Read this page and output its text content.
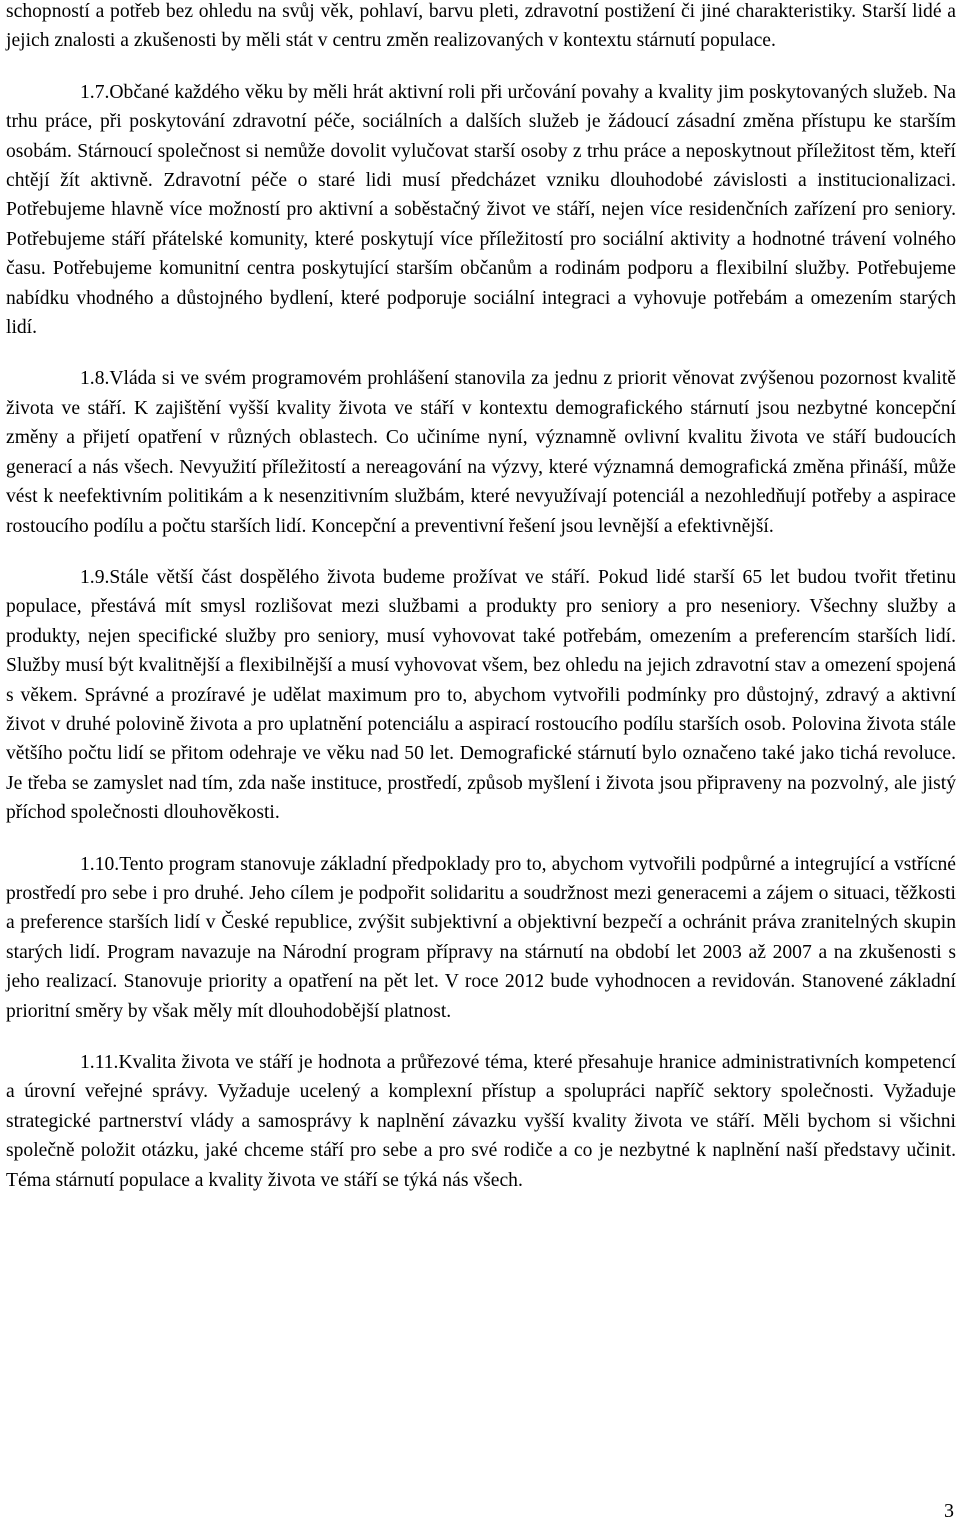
schopností a potřeb bez ohledu na svůj věk, pohlaví, barvu pleti, zdravotní postižení či jiné charakteristiky. Starší lidé a jejich znalosti a zkušenosti by měli stát v centru změn realizovaných v kontextu stárnutí populace.

1.7.Občané každého věku by měli hrát aktivní roli při určování povahy a kvality jim poskytovaných služeb. Na trhu práce, při poskytování zdravotní péče, sociálních a dalších služeb je žádoucí zásadní změna přístupu ke starším osobám. Stárnoucí společnost si nemůže dovolit vylučovat starší osoby z trhu práce a neposkytnout příležitost těm, kteří chtějí žít aktivně. Zdravotní péče o staré lidi musí předcházet vzniku dlouhodobé závislosti a institucionalizaci. Potřebujeme hlavně více možností pro aktivní a soběstačný život ve stáří, nejen více residenčních zařízení pro seniory. Potřebujeme stáří přátelské komunity, které poskytují více příležitostí pro sociální aktivity a hodnotné trávení volného času. Potřebujeme komunitní centra poskytující starším občanům a rodinám podporu a flexibilní služby. Potřebujeme nabídku vhodného a důstojného bydlení, které podporuje sociální integraci a vyhovuje potřebám a omezením starých lidí.

1.8.Vláda si ve svém programovém prohlášení stanovila za jednu z priorit věnovat zvýšenou pozornost kvalitě života ve stáří. K zajištění vyšší kvality života ve stáří v kontextu demografického stárnutí jsou nezbytné koncepční změny a přijetí opatření v různých oblastech. Co učiníme nyní, významně ovlivní kvalitu života ve stáří budoucích generací a nás všech. Nevyužití příležitostí a nereagování na výzvy, které významná demografická změna přináší, může vést k neefektivním politikám a k nesenzitivním službám, které nevyužívají potenciál a nezohledňují potřeby a aspirace rostoucího podílu a počtu starších lidí. Koncepční a preventivní řešení jsou levnější a efektivnější.

1.9.Stále větší část dospělého života budeme prožívat ve stáří. Pokud lidé starší 65 let budou tvořit třetinu populace, přestává mít smysl rozlišovat mezi službami a produkty pro seniory a pro neseniory. Všechny služby a produkty, nejen specifické služby pro seniory, musí vyhovovat také potřebám, omezením a preferencím starších lidí. Služby musí být kvalitnější a flexibilnější a musí vyhovovat všem, bez ohledu na jejich zdravotní stav a omezení spojená s věkem. Správné a prozíravé je udělat maximum pro to, abychom vytvořili podmínky pro důstojný, zdravý a aktivní život v druhé polovině života a pro uplatnění potenciálu a aspirací rostoucího podílu starších osob. Polovina života stále většího počtu lidí se přitom odehraje ve věku nad 50 let. Demografické stárnutí bylo označeno také jako tichá revoluce. Je třeba se zamyslet nad tím, zda naše instituce, prostředí, způsob myšlení i života jsou připraveny na pozvolný, ale jistý příchod společnosti dlouhověkosti.

1.10.Tento program stanovuje základní předpoklady pro to, abychom vytvořili podpůrné a integrující a vstřícné prostředí pro sebe i pro druhé. Jeho cílem je podpořit solidaritu a soudržnost mezi generacemi a zájem o situaci, těžkosti a preference starších lidí v České republice, zvýšit subjektivní a objektivní bezpečí a ochránit práva zranitelných skupin starých lidí. Program navazuje na Národní program přípravy na stárnutí na období let 2003 až 2007 a na zkušenosti s jeho realizací. Stanovuje priority a opatření na pět let. V roce 2012 bude vyhodnocen a revidován. Stanovené základní prioritní směry by však měly mít dlouhodobější platnost.

1.11.Kvalita života ve stáří je hodnota a průřezové téma, které přesahuje hranice administrativních kompetencí a úrovní veřejné správy. Vyžaduje ucelený a komplexní přístup a spolupráci napříč sektory společnosti. Vyžaduje strategické partnerství vlády a samosprávy k naplnění závazku vyšší kvality života ve stáří. Měli bychom si všichni společně položit otázku, jaké chceme stáří pro sebe a pro své rodiče a co je nezbytné k naplnění naší představy učinit. Téma stárnutí populace a kvality života ve stáří se týká nás všech.

3
